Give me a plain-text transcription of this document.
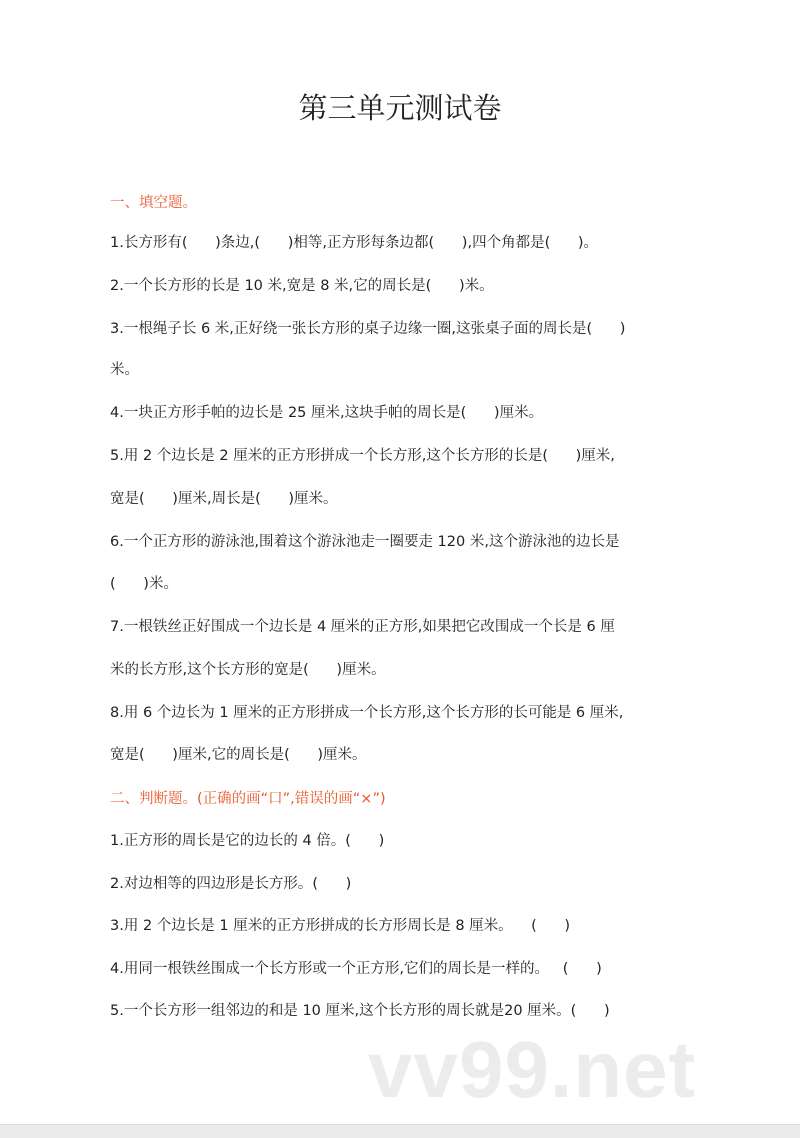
第三单元测试卷
一、填空题。
1.长方形有(      )条边,(      )相等,正方形每条边都(      ),四个角都是(      )。
2.一个长方形的长是 10 米,宽是 8 米,它的周长是(      )米。
3.一根绳子长 6 米,正好绕一张长方形的桌子边缘一圈,这张桌子面的周长是(      )
米。
4.一块正方形手帕的边长是 25 厘米,这块手帕的周长是(      )厘米。
5.用 2 个边长是 2 厘米的正方形拼成一个长方形,这个长方形的长是(      )厘米,
宽是(      )厘米,周长是(      )厘米。
6.一个正方形的游泳池,围着这个游泳池走一圈要走 120 米,这个游泳池的边长是
(      )米。
7.一根铁丝正好围成一个边长是 4 厘米的正方形,如果把它改围成一个长是 6 厘
米的长方形,这个长方形的宽是(      )厘米。
8.用 6 个边长为 1 厘米的正方形拼成一个长方形,这个长方形的长可能是 6 厘米,
宽是(      )厘米,它的周长是(      )厘米。
二、判断题。(正确的画“口”,错误的画“×”)
1.正方形的周长是它的边长的 4 倍。(      )
2.对边相等的四边形是长方形。(      )
3.用 2 个边长是 1 厘米的正方形拼成的长方形周长是 8 厘米。    (      )
4.用同一根铁丝围成一个长方形或一个正方形,它们的周长是一样的。   (      )
5.一个长方形一组邻边的和是 10 厘米,这个长方形的周长就是20 厘米。(      )
vv99.net
